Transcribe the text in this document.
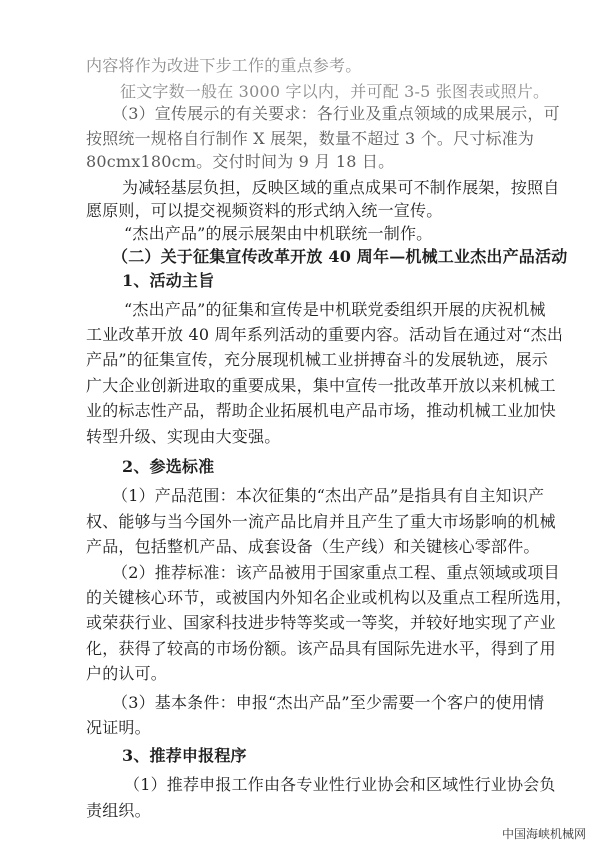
内容将作为改进下步工作的重点参考。
征文字数一般在 3000 字以内，并可配 3-5 张图表或照片。
（3）宣传展示的有关要求：各行业及重点领域的成果展示，可
按照统一规格自行制作 X 展架，数量不超过 3 个。尺寸标准为
80cmx180cm。交付时间为 9 月 18 日。
为减轻基层负担，反映区域的重点成果可不制作展架，按照自
愿原则，可以提交视频资料的形式纳入统一宣传。
“杰出产品”的展示展架由中机联统一制作。
（二）关于征集宣传改革开放 40 周年—机械工业杰出产品活动
1、活动主旨
“杰出产品”的征集和宣传是中机联党委组织开展的庆祝机械
工业改革开放 40 周年系列活动的重要内容。活动旨在通过对“杰出
产品”的征集宣传，充分展现机械工业拼搏奋斗的发展轨迹，展示
广大企业创新进取的重要成果，集中宣传一批改革开放以来机械工
业的标志性产品，帮助企业拓展机电产品市场，推动机械工业加快
转型升级、实现由大变强。
2、参选标准
（1）产品范围：本次征集的“杰出产品”是指具有自主知识产
权、能够与当今国外一流产品比肩并且产生了重大市场影响的机械
产品，包括整机产品、成套设备（生产线）和关键核心零部件。
（2）推荐标准：该产品被用于国家重点工程、重点领域或项目
的关键核心环节，或被国内外知名企业或机构以及重点工程所选用，
或荣获行业、国家科技进步特等奖或一等奖，并较好地实现了产业
化，获得了较高的市场份额。该产品具有国际先进水平，得到了用
户的认可。
（3）基本条件：申报“杰出产品”至少需要一个客户的使用情
况证明。
3、推荐申报程序
（1）推荐申报工作由各专业性行业协会和区域性行业协会负
责组织。
中国海峡机械网
